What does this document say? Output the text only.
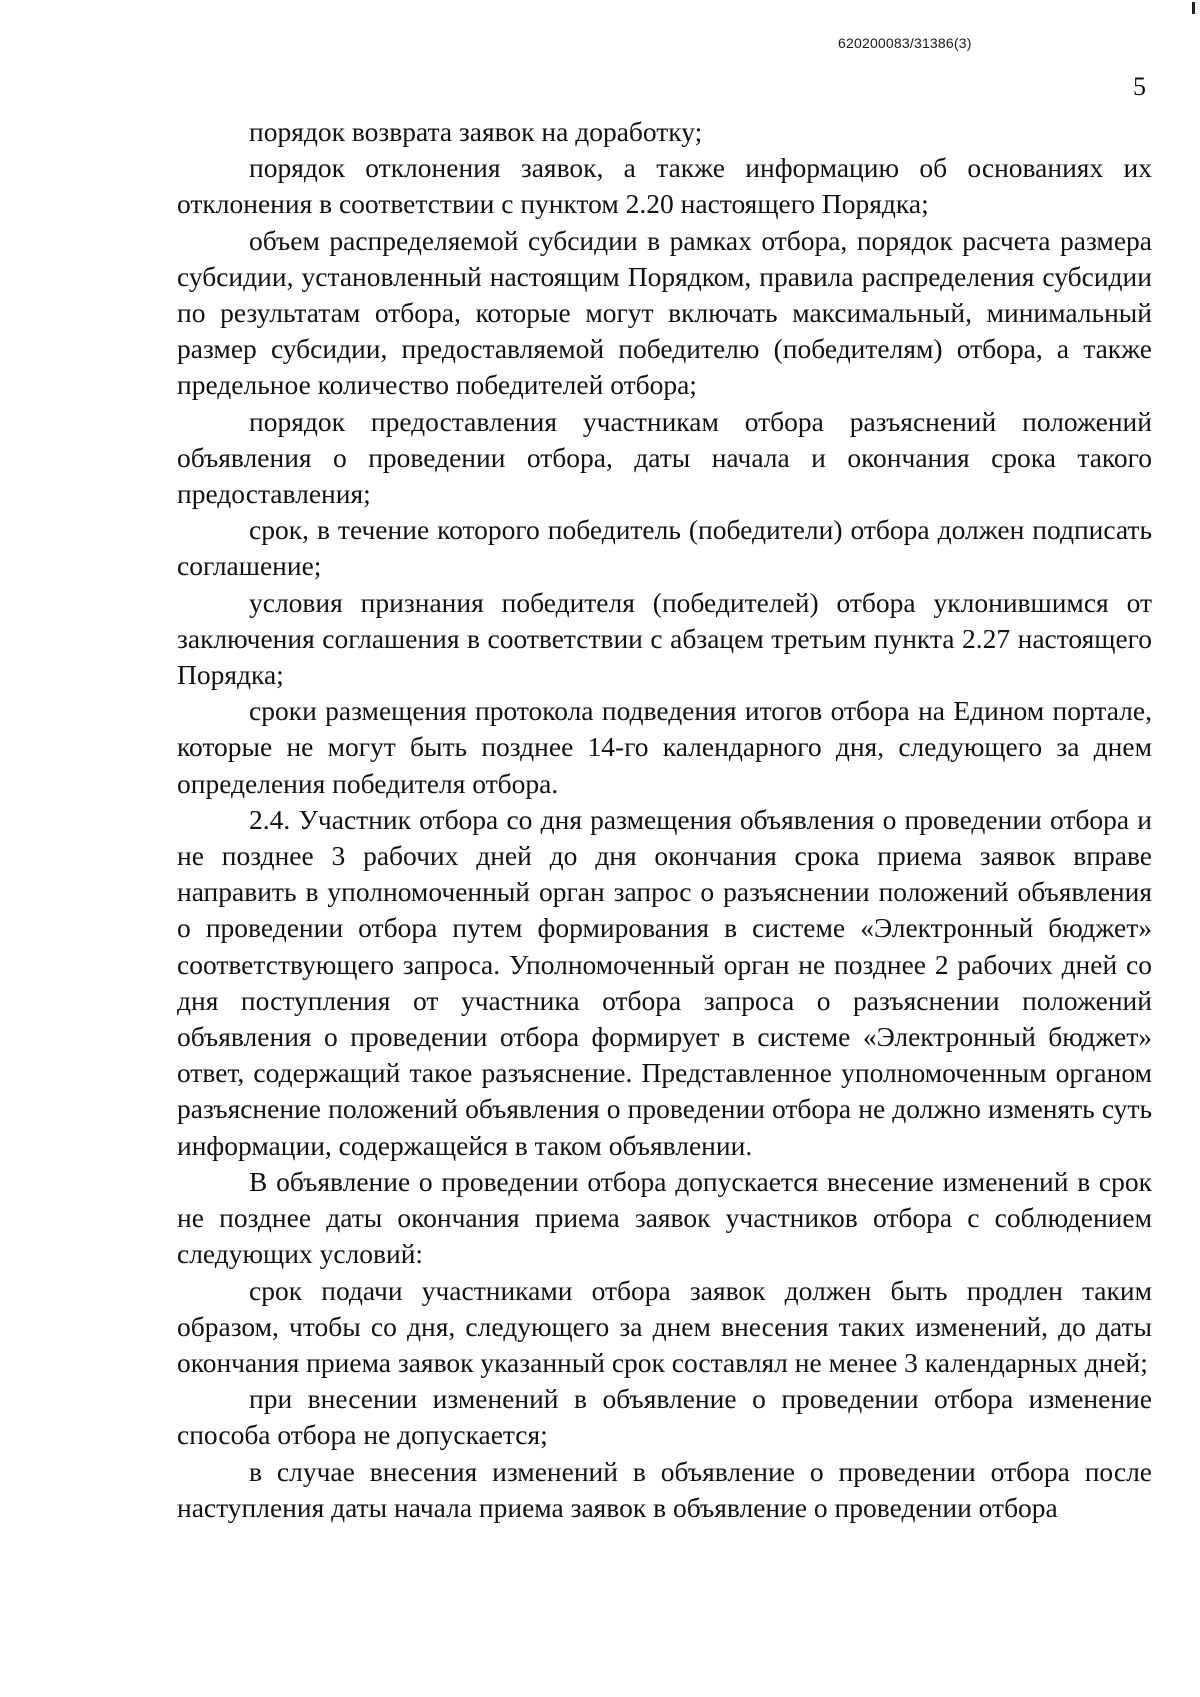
620200083/31386(3)
5

порядок возврата заявок на доработку;

порядок отклонения заявок, а также информацию об основаниях их отклонения в соответствии с пунктом 2.20 настоящего Порядка;

объем распределяемой субсидии в рамках отбора, порядок расчета размера субсидии, установленный настоящим Порядком, правила распределения субсидии по результатам отбора, которые могут включать максимальный, минимальный размер субсидии, предоставляемой победителю (победителям) отбора, а также предельное количество победителей отбора;

порядок предоставления участникам отбора разъяснений положений объявления о проведении отбора, даты начала и окончания срока такого предоставления;

срок, в течение которого победитель (победители) отбора должен подписать соглашение;

условия признания победителя (победителей) отбора уклонившимся от заключения соглашения в соответствии с абзацем третьим пункта 2.27 настоящего Порядка;

сроки размещения протокола подведения итогов отбора на Едином портале, которые не могут быть позднее 14-го календарного дня, следующего за днем определения победителя отбора.

2.4. Участник отбора со дня размещения объявления о проведении отбора и не позднее 3 рабочих дней до дня окончания срока приема заявок вправе направить в уполномоченный орган запрос о разъяснении положений объявления о проведении отбора путем формирования в системе «Электронный бюджет» соответствующего запроса. Уполномоченный орган не позднее 2 рабочих дней со дня поступления от участника отбора запроса о разъяснении положений объявления о проведении отбора формирует в системе «Электронный бюджет» ответ, содержащий такое разъяснение. Представленное уполномоченным органом разъяснение положений объявления о проведении отбора не должно изменять суть информации, содержащейся в таком объявлении.

В объявление о проведении отбора допускается внесение изменений в срок не позднее даты окончания приема заявок участников отбора с соблюдением следующих условий:

срок подачи участниками отбора заявок должен быть продлен таким образом, чтобы со дня, следующего за днем внесения таких изменений, до даты окончания приема заявок указанный срок составлял не менее 3 календарных дней;

при внесении изменений в объявление о проведении отбора изменение способа отбора не допускается;

в случае внесения изменений в объявление о проведении отбора после наступления даты начала приема заявок в объявление о проведении отбора
